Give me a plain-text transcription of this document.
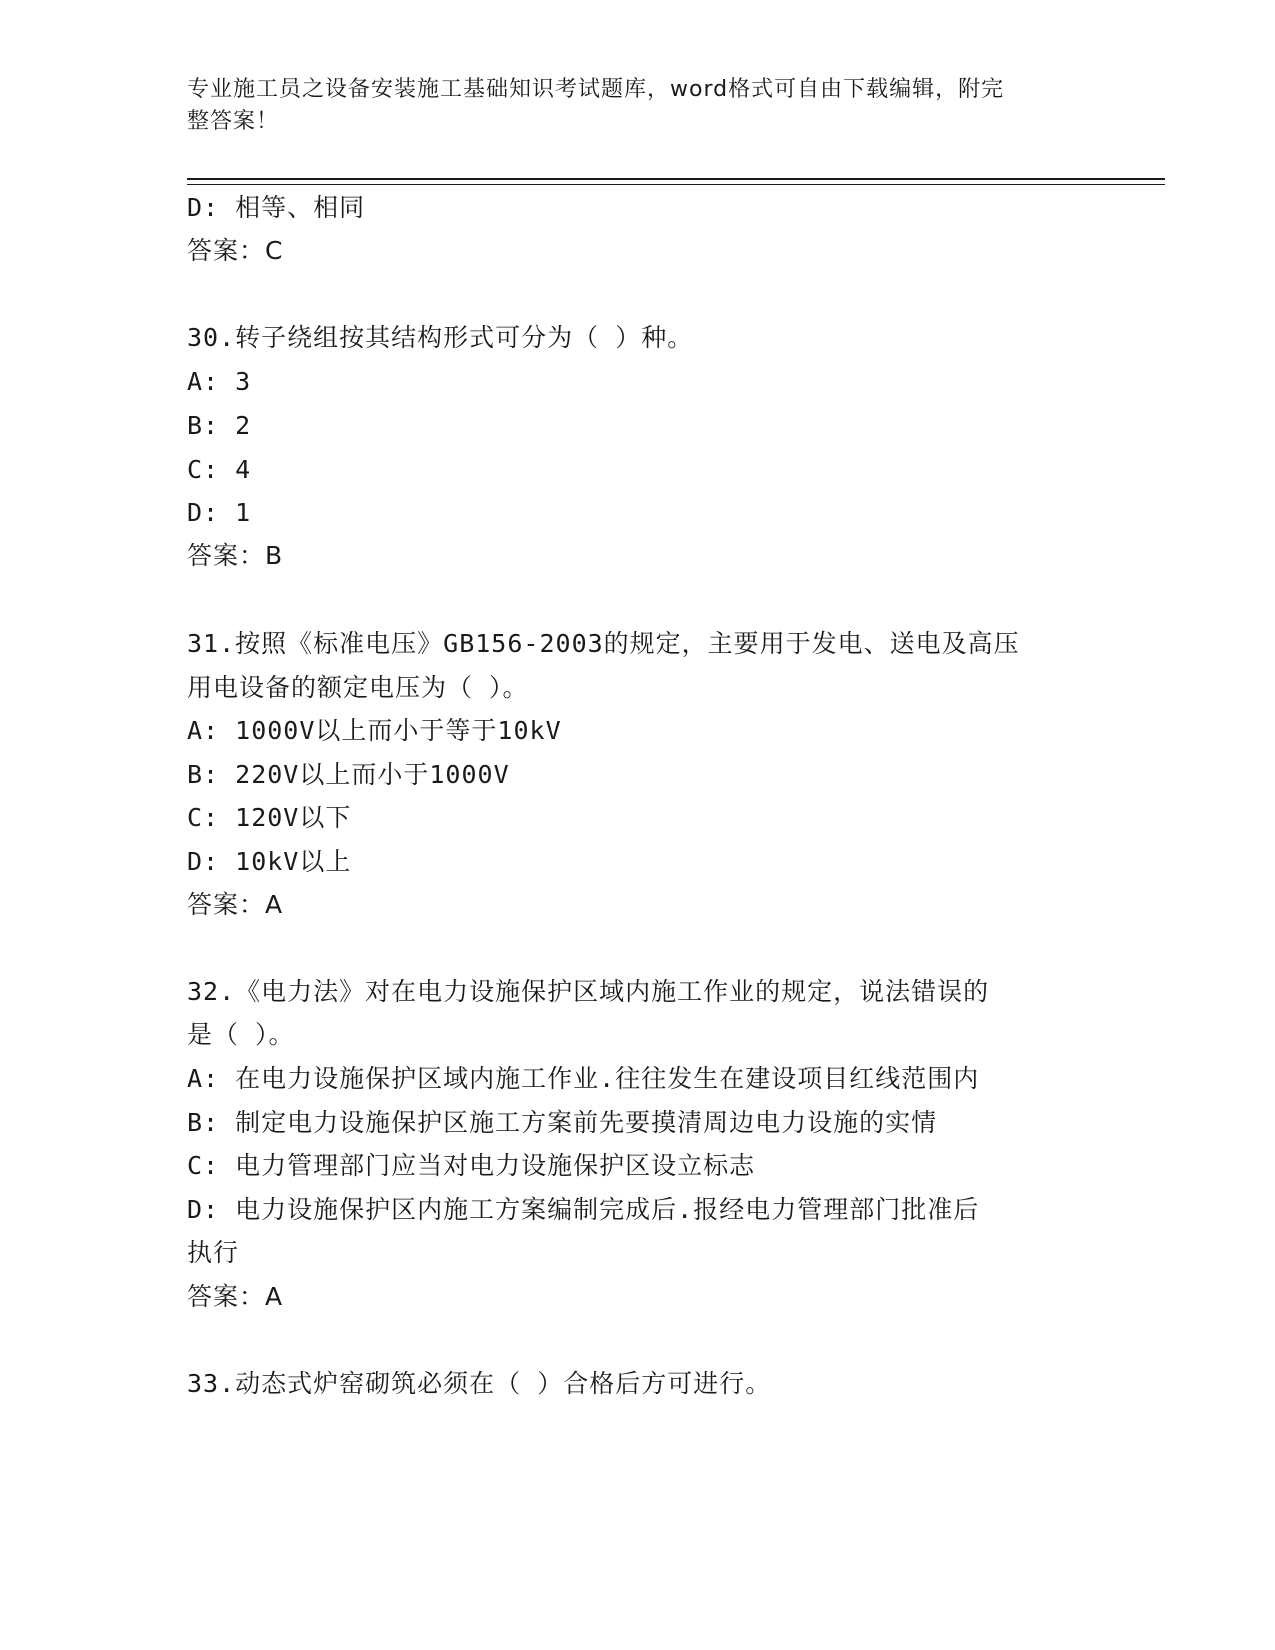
专业施工员之设备安装施工基础知识考试题库，word格式可自由下载编辑，附完
整答案！
D: 相等、相同
答案：C
30.转子绕组按其结构形式可分为（ ）种。
A: 3
B: 2
C: 4
D: 1
答案：B
31.按照《标准电压》GB156-2003的规定，主要用于发电、送电及高压
用电设备的额定电压为（ ）。
A: 1000V以上而小于等于10kV
B: 220V以上而小于1000V
C: 120V以下
D: 10kV以上
答案：A
32.《电力法》对在电力设施保护区域内施工作业的规定，说法错误的
是（ ）。
A: 在电力设施保护区域内施工作业.往往发生在建设项目红线范围内
B: 制定电力设施保护区施工方案前先要摸清周边电力设施的实情
C: 电力管理部门应当对电力设施保护区设立标志
D: 电力设施保护区内施工方案编制完成后.报经电力管理部门批准后
执行
答案：A
33.动态式炉窑砌筑必须在（ ）合格后方可进行。
